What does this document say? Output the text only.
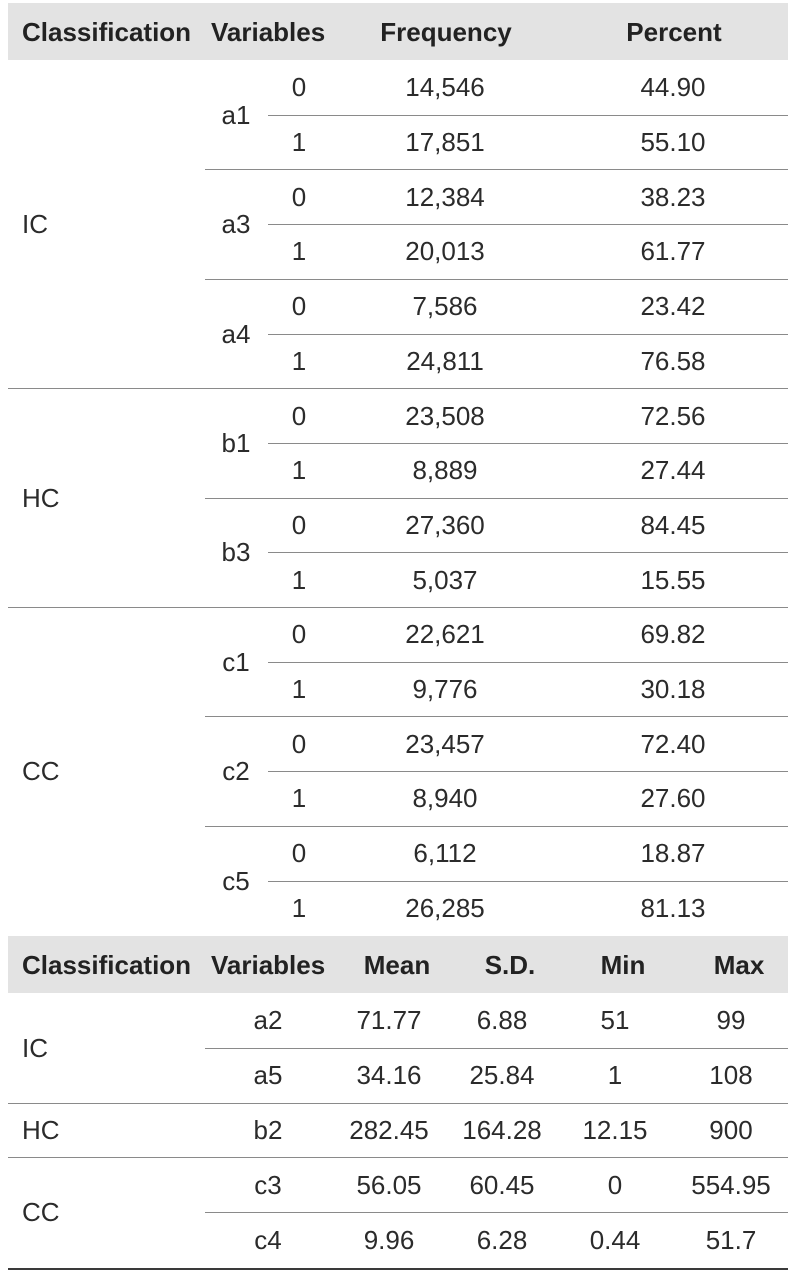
Classification Variables	Frequency	Percent
IC
a1
0	14,546	44.90
1	17,851	55.10
a3
0	12,384	38.23
1	20,013	61.77
a4
0	7,586	23.42
1	24,811	76.58
HC
b1
0	23,508	72.56
1	8,889	27.44
b3
0	27,360	84.45
1	5,037	15.55
CC
c1
0	22,621	69.82
1	9,776	30.18
c2
0	23,457	72.40
1	8,940	27.60
c5
0	6,112	18.87
1	26,285	81.13
Classification Variables	Mean	S.D.	Min	Max
IC
a2	71.77	6.88	51	99
a5	34.16	25.84	1	108
HC	b2	282.45	164.28	12.15	900
CC
c3	56.05	60.45	0	554.95
c4	9.96	6.28	0.44	51.7
